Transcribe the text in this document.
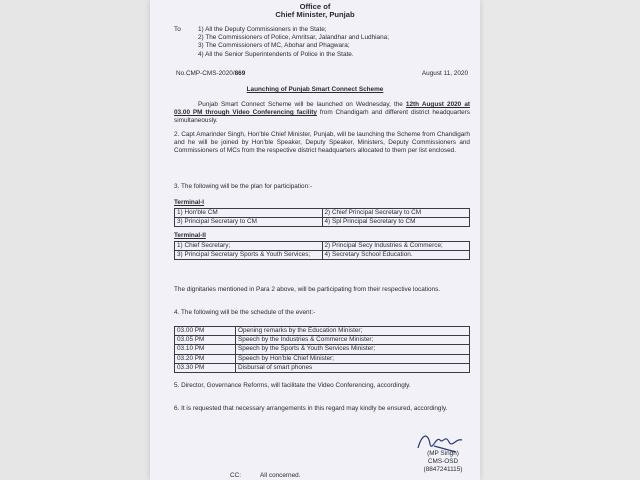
Office of
Chief Minister, Punjab
To	1) All the Deputy Commissioners in the State;
2) The Commissioners of Police, Amritsar, Jalandhar and Ludhiana;
3) The Commissioners of MC, Abohar and Phagwara;
4) All the Senior Superintendents of Police in the State.
No.CMP-CMS-2020/869	August 11, 2020
Launching of Punjab Smart Connect Scheme
Punjab Smart Connect Scheme will be launched on Wednesday, the 12th August 2020 at 03.00 PM through Video Conferencing facility from Chandigarh and different district headquarters simultaneously.
2. Capt Amarinder Singh, Hon'ble Chief Minister, Punjab, will be launching the Scheme from Chandigarh and he will be joined by Hon'ble Speaker, Deputy Speaker, Ministers, Deputy Commissioners and Commissioners of MCs from the respective district headquarters allocated to them per list enclosed.
3. The following will be the plan for participation:-
Terminal-I
1) Hon'ble CM	2) Chief Principal Secretary to CM
3) Principal Secretary to CM	4) Spl Principal Secretary to CM
Terminal-II
1) Chief Secretary;	2) Principal Secy Industries & Commerce;
3) Principal Secretary Sports & Youth Services;	4) Secretary School Education.
The dignitaries mentioned in Para 2 above, will be participating from their respective locations.
4. The following will be the schedule of the event:-
03.00 PM	Opening remarks by the Education Minister;
03.05 PM	Speech by the Industries & Commerce Minister;
03.10 PM	Speech by the Sports & Youth Services Minister;
03.20 PM	Speech by Hon'ble Chief Minister;
03.30 PM	Disbursal of smart phones
5. Director, Governance Reforms, will facilitate the Video Conferencing, accordingly.
6. It is requested that necessary arrangements in this regard may kindly be ensured, accordingly.
(MP Singh)
CMS-OSD
(8847241115)
CC:	All concerned.
